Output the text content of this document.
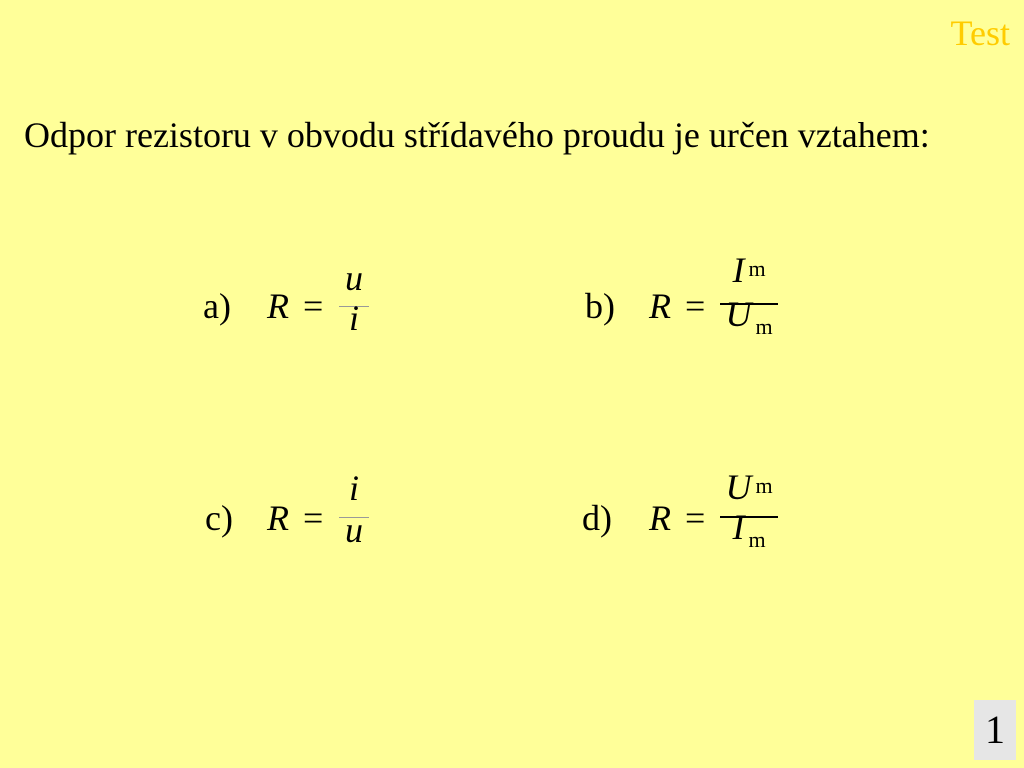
Test
Odpor rezistoru v obvodu střídavého proudu je určen vztahem:
a) R =
u
i	b) R =
Im
U $_m$
c) R =
i
u	d) R =
Um
I $_m$
1
